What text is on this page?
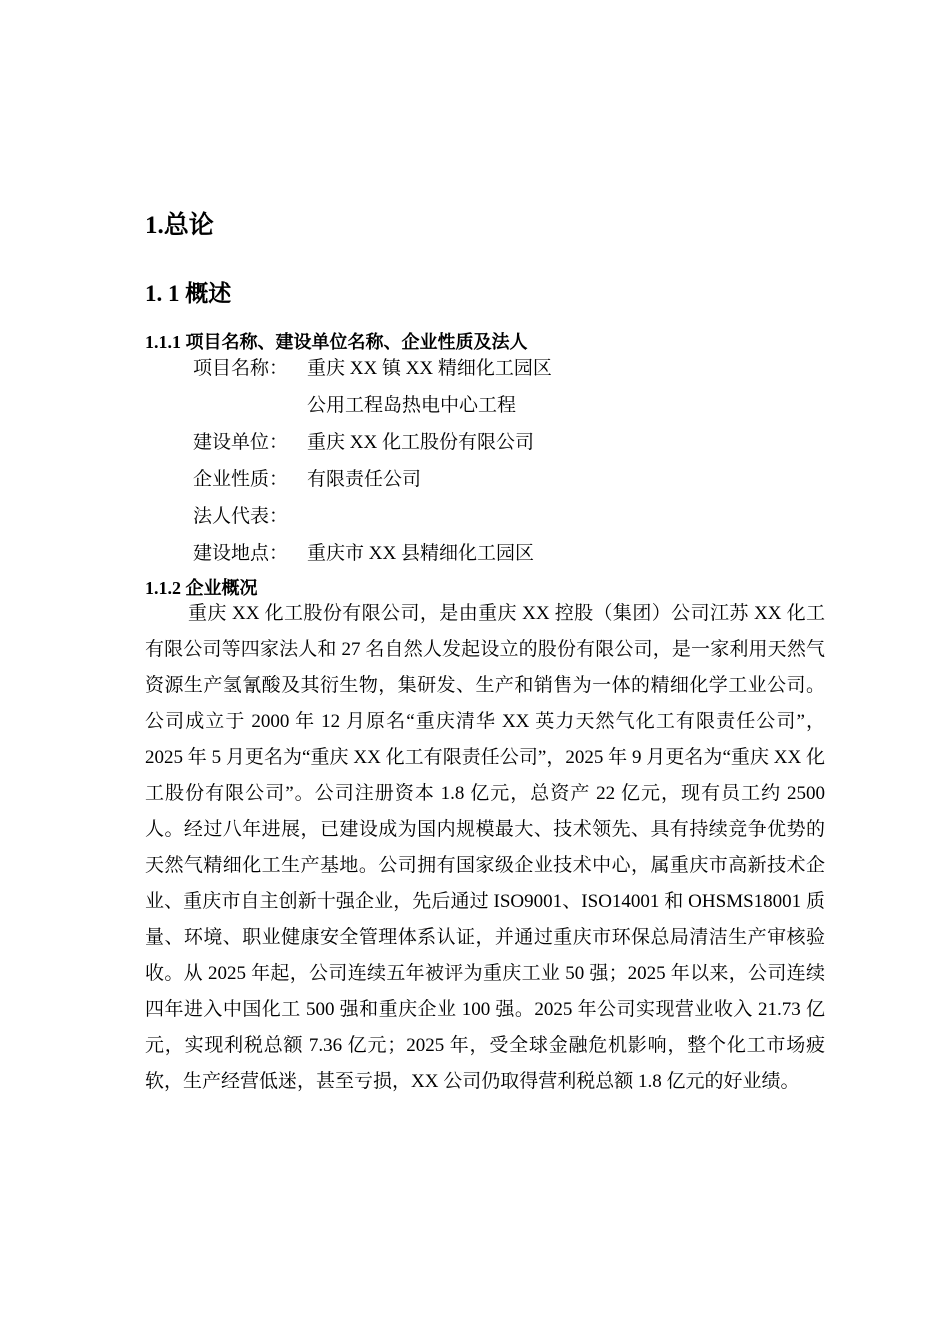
1.总论
1. 1 概述
1.1.1 项目名称、建设单位名称、企业性质及法人
项目名称： 重庆 XX 镇 XX 精细化工园区
公用工程岛热电中心工程
建设单位： 重庆 XX 化工股份有限公司
企业性质： 有限责任公司
法人代表：
建设地点： 重庆市 XX 县精细化工园区
1.1.2 企业概况

重庆 XX 化工股份有限公司，是由重庆 XX 控股（集团）公司江苏 XX 化工有限公司等四家法人和 27 名自然人发起设立的股份有限公司，是一家利用天然气资源生产氢氰酸及其衍生物，集研发、生产和销售为一体的精细化学工业公司。公司成立于 2000 年 12 月原名“重庆清华 XX 英力天然气化工有限责任公司”，2025 年 5 月更名为“重庆 XX 化工有限责任公司”，2025 年 9 月更名为“重庆 XX 化工股份有限公司”。公司注册资本 1.8 亿元，总资产 22 亿元，现有员工约 2500 人。经过八年进展，已建设成为国内规模最大、技术领先、具有持续竞争优势的天然气精细化工生产基地。公司拥有国家级企业技术中心，属重庆市高新技术企业、重庆市自主创新十强企业，先后通过 ISO9001、ISO14001 和 OHSMS18001 质量、环境、职业健康安全管理体系认证，并通过重庆市环保总局清洁生产审核验收。从 2025 年起，公司连续五年被评为重庆工业 50 强；2025 年以来，公司连续四年进入中国化工 500 强和重庆企业 100 强。2025 年公司实现营业收入 21.73 亿元，实现利税总额 7.36 亿元；2025 年，受全球金融危机影响，整个化工市场疲软，生产经营低迷，甚至亏损，XX 公司仍取得营利税总额 1.8 亿元的好业绩。
